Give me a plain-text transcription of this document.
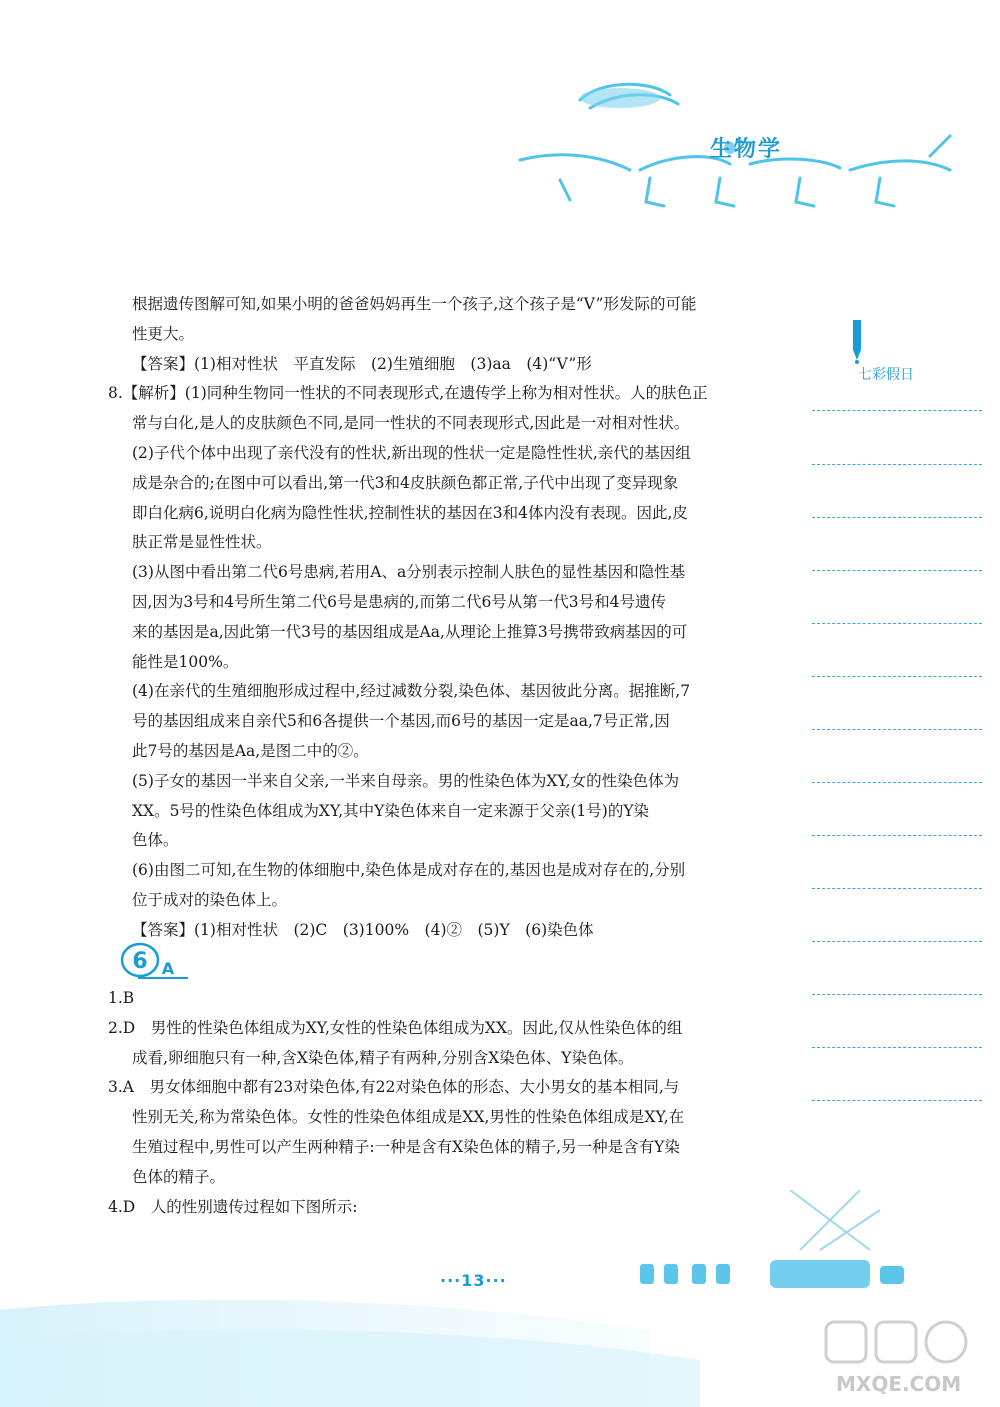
生物学
七彩假日
根据遗传图解可知,如果小明的爸爸妈妈再生一个孩子,这个孩子是“V”形发际的可能
性更大。
【答案】(1)相对性状　平直发际　(2)生殖细胞　(3)aa　(4)“V”形
8.【解析】(1)同种生物同一性状的不同表现形式,在遗传学上称为相对性状。人的肤色正
常与白化,是人的皮肤颜色不同,是同一性状的不同表现形式,因此是一对相对性状。
(2)子代个体中出现了亲代没有的性状,新出现的性状一定是隐性性状,亲代的基因组
成是杂合的;在图中可以看出,第一代3和4皮肤颜色都正常,子代中出现了变异现象
即白化病6,说明白化病为隐性性状,控制性状的基因在3和4体内没有表现。因此,皮
肤正常是显性性状。
(3)从图中看出第二代6号患病,若用A、a分别表示控制人肤色的显性基因和隐性基
因,因为3号和4号所生第二代6号是患病的,而第二代6号从第一代3号和4号遗传
来的基因是a,因此第一代3号的基因组成是Aa,从理论上推算3号携带致病基因的可
能性是100%。
(4)在亲代的生殖细胞形成过程中,经过减数分裂,染色体、基因彼此分离。据推断,7
号的基因组成来自亲代5和6各提供一个基因,而6号的基因一定是aa,7号正常,因
此7号的基因是Aa,是图二中的②。
(5)子女的基因一半来自父亲,一半来自母亲。男的性染色体为XY,女的性染色体为
XX。5号的性染色体组成为XY,其中Y染色体来自一定来源于父亲(1号)的Y染
色体。
(6)由图二可知,在生物的体细胞中,染色体是成对存在的,基因也是成对存在的,分别
位于成对的染色体上。
【答案】(1)相对性状　(2)C　(3)100%　(4)②　(5)Y　(6)染色体
6 A
1.B
2.D　男性的性染色体组成为XY,女性的性染色体组成为XX。因此,仅从性染色体的组
成看,卵细胞只有一种,含X染色体,精子有两种,分别含X染色体、Y染色体。
3.A　男女体细胞中都有23对染色体,有22对染色体的形态、大小男女的基本相同,与
性别无关,称为常染色体。女性的性染色体组成是XX,男性的性染色体组成是XY,在
生殖过程中,男性可以产生两种精子:一种是含有X染色体的精子,另一种是含有Y染
色体的精子。
4.D　人的性别遗传过程如下图所示:
···13···
MXQE.COM
